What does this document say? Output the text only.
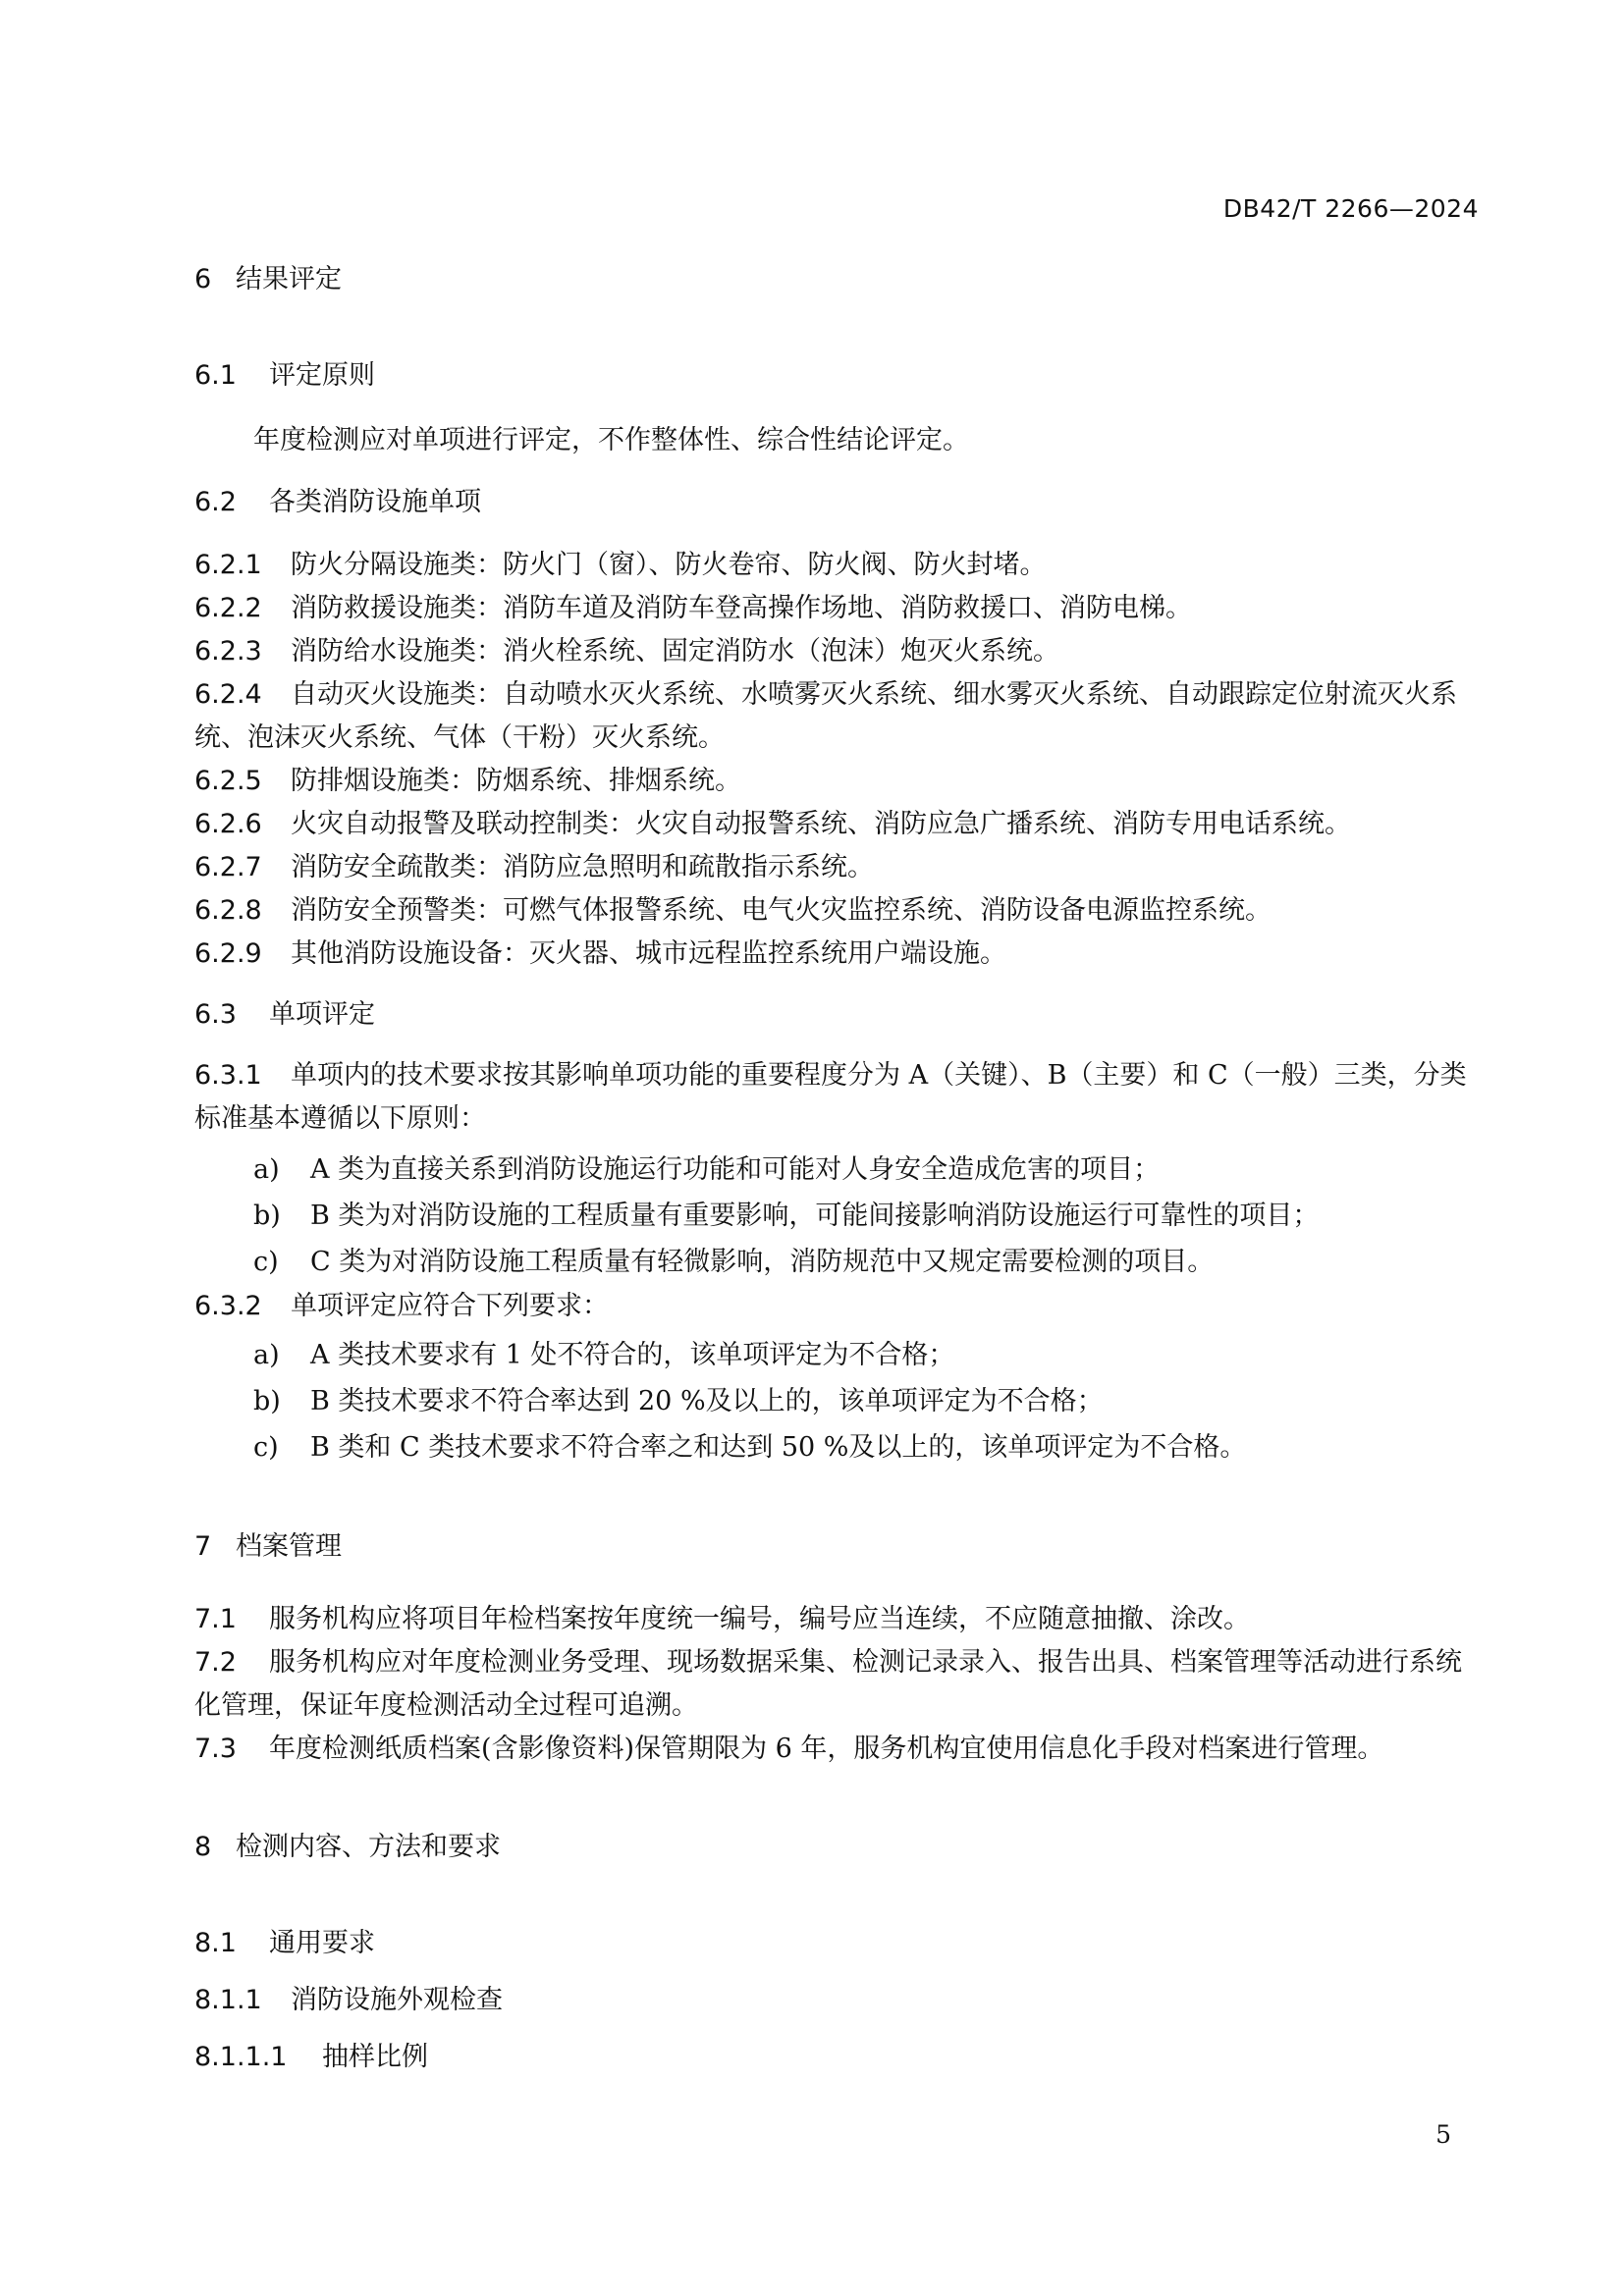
DB42/T 2266—2024
6 结果评定
6.1 评定原则
年度检测应对单项进行评定，不作整体性、综合性结论评定。
6.2 各类消防设施单项
6.2.1 防火分隔设施类：防火门（窗）、防火卷帘、防火阀、防火封堵。
6.2.2 消防救援设施类：消防车道及消防车登高操作场地、消防救援口、消防电梯。
6.2.3 消防给水设施类：消火栓系统、固定消防水（泡沫）炮灭火系统。
6.2.4 自动灭火设施类：自动喷水灭火系统、水喷雾灭火系统、细水雾灭火系统、自动跟踪定位射流灭火系统、泡沫灭火系统、气体（干粉）灭火系统。
6.2.5 防排烟设施类：防烟系统、排烟系统。
6.2.6 火灾自动报警及联动控制类：火灾自动报警系统、消防应急广播系统、消防专用电话系统。
6.2.7 消防安全疏散类：消防应急照明和疏散指示系统。
6.2.8 消防安全预警类：可燃气体报警系统、电气火灾监控系统、消防设备电源监控系统。
6.2.9 其他消防设施设备：灭火器、城市远程监控系统用户端设施。
6.3 单项评定
6.3.1 单项内的技术要求按其影响单项功能的重要程度分为 A（关键）、B（主要）和 C（一般）三类，分类标准基本遵循以下原则：
a) A 类为直接关系到消防设施运行功能和可能对人身安全造成危害的项目；
b) B 类为对消防设施的工程质量有重要影响，可能间接影响消防设施运行可靠性的项目；
c) C 类为对消防设施工程质量有轻微影响，消防规范中又规定需要检测的项目。
6.3.2 单项评定应符合下列要求：
a) A 类技术要求有 1 处不符合的，该单项评定为不合格；
b) B 类技术要求不符合率达到 20 %及以上的，该单项评定为不合格；
c) B 类和 C 类技术要求不符合率之和达到 50 %及以上的，该单项评定为不合格。
7 档案管理
7.1 服务机构应将项目年检档案按年度统一编号，编号应当连续，不应随意抽撤、涂改。
7.2 服务机构应对年度检测业务受理、现场数据采集、检测记录录入、报告出具、档案管理等活动进行系统化管理，保证年度检测活动全过程可追溯。
7.3 年度检测纸质档案(含影像资料)保管期限为 6 年，服务机构宜使用信息化手段对档案进行管理。
8 检测内容、方法和要求
8.1 通用要求
8.1.1 消防设施外观检查
8.1.1.1 抽样比例
5
